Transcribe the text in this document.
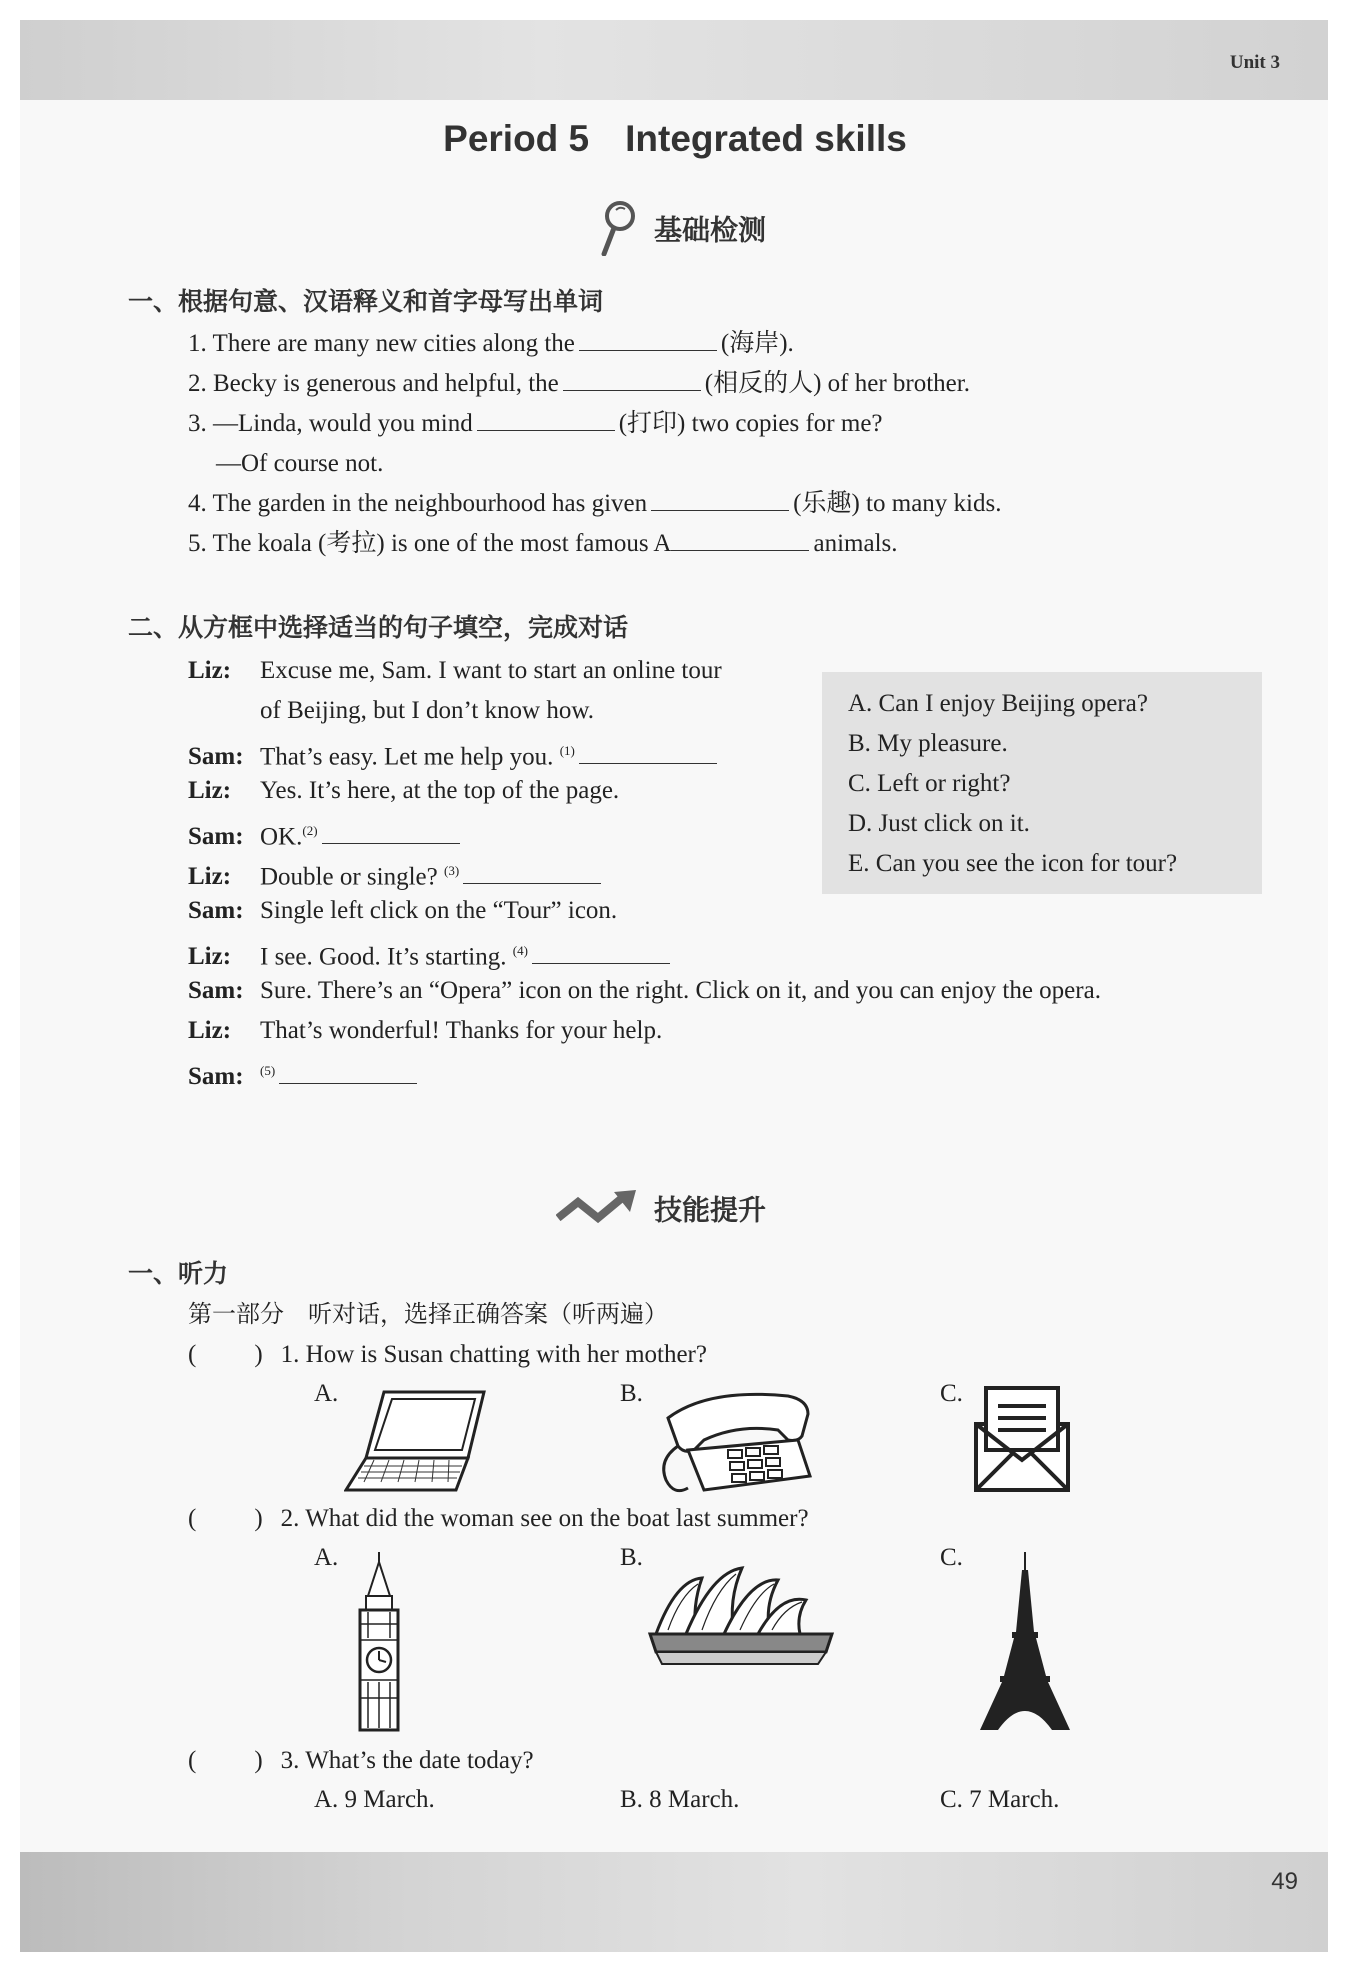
Unit 3
49
Period 5 Integrated skills
基础检测
一、根据句意、汉语释义和首字母写出单词
1. There are many new cities along the	(海岸).
2. Becky is generous and helpful, the	(相反的人) of her brother.
3. —Linda, would you mind	(打印) two copies for me?
—Of course not.
4. The garden in the neighbourhood has given	(乐趣) to many kids.
5. The koala (考拉) is one of the most famous A	animals.
二、从方框中选择适当的句子填空，完成对话
Liz: Excuse me, Sam. I want to start an online tour
of Beijing, but I don’t know how.
Sam: That’s easy. Let me help you. $^{(1)}$
Liz: Yes. It’s here, at the top of the page.
Sam: OK.$^{(2)}$
Liz: Double or single? $^{(3)}$
Sam: Single left click on the “Tour” icon.
Liz: I see. Good. It’s starting. $^{(4)}$
Sam: Sure. There’s an “Opera” icon on the right. Click on it, and you can enjoy the opera.
Liz: That’s wonderful! Thanks for your help.
Sam: $^{(5)}$
A. Can I enjoy Beijing opera?
B. My pleasure.
C. Left or right?
D. Just click on it.
E. Can you see the icon for tour?
技能提升
一、听力
第一部分　听对话，选择正确答案（听两遍）
( ) 1. How is Susan chatting with her mother?
A.	B.	C.
( ) 2. What did the woman see on the boat last summer?
A.	B.	C.
( ) 3. What’s the date today?
A. 9 March.	B. 8 March.	C. 7 March.
